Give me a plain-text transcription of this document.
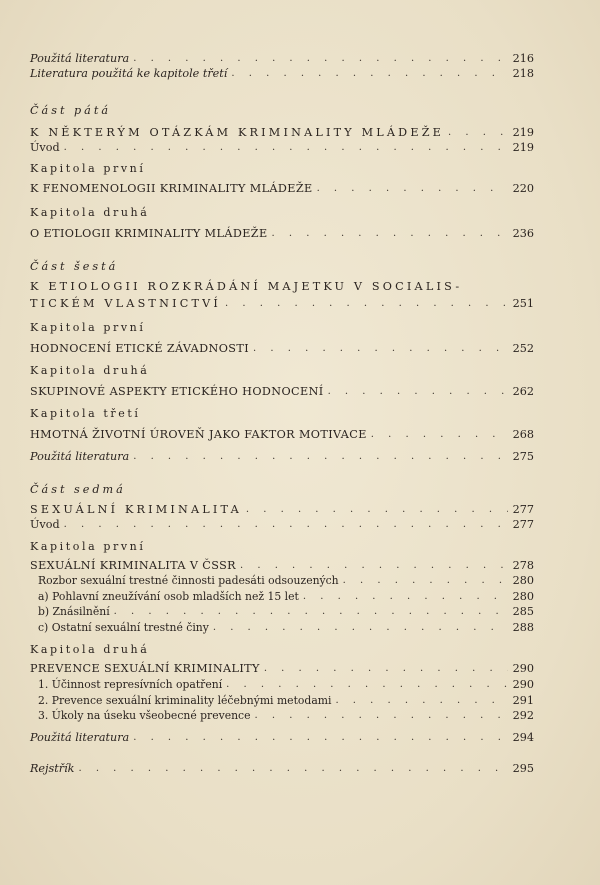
Použitá literatura . . .	216
Literatura použitá ke kapitole třetí . . .	218
Část pátá
K NĚKTERÝM OTÁZKÁM KRIMINALITY MLÁDEŽE . . .	219
Úvod . . .	219
Kapitola první
K FENOMENOLOGII KRIMINALITY MLÁDEŽE . . .	220
Kapitola druhá
O ETIOLOGII KRIMINALITY MLÁDEŽE . . .	236
Část šestá
K ETIOLOGII ROZKRÁDÁNÍ MAJETKU V SOCIALIS-
TICKÉM VLASTNICTVÍ . . .	251
Kapitola první
HODNOCENÍ ETICKÉ ZÁVADNOSTI . . .	252
Kapitola druhá
SKUPINOVÉ ASPEKTY ETICKÉHO HODNOCENÍ . . .	262
Kapitola třetí
HMOTNÁ ŽIVOTNÍ ÚROVEŇ JAKO FAKTOR MOTIVACE . . .	268
Použitá literatura . . .	275
Část sedmá
SEXUÁLNÍ KRIMINALITA . . .	277
Úvod . . .	277
Kapitola první
SEXUÁLNÍ KRIMINALITA V ČSSR . . .	278
Rozbor sexuální trestné činnosti padesáti odsouzených . . .	280
a) Pohlavní zneužívání osob mladších než 15 let . . .	280
b) Znásilnění . . .	285
c) Ostatní sexuální trestné činy . . .	288
Kapitola druhá
PREVENCE SEXUÁLNÍ KRIMINALITY . . .	290
1. Účinnost represívních opatření . . .	290
2. Prevence sexuální kriminality léčebnými metodami . . .	291
3. Úkoly na úseku všeobecné prevence . . .	292
Použitá literatura . . .	294
Rejstřík . . .	295
